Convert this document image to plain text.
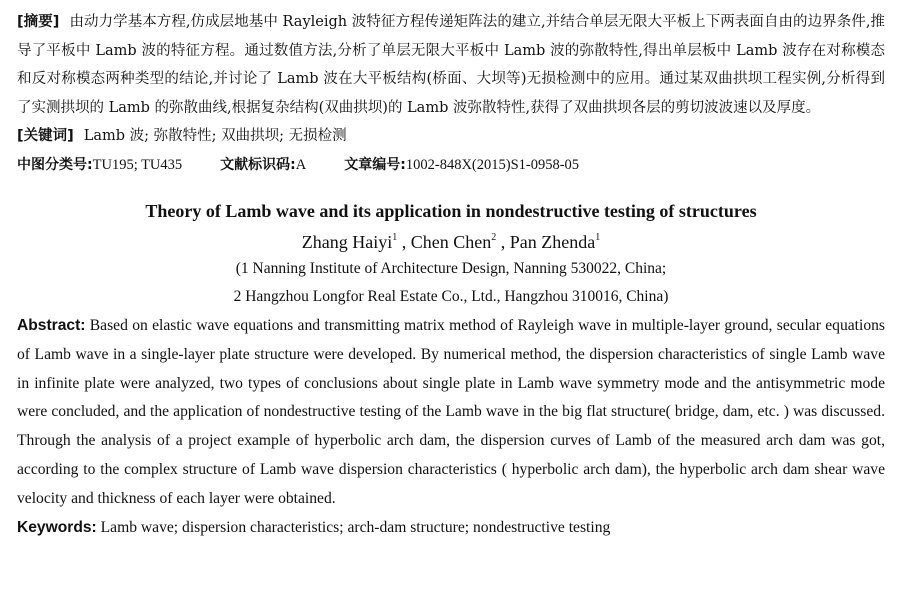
[摘要] 由动力学基本方程,仿成层地基中 Rayleigh 波特征方程传递矩阵法的建立,并结合单层无限大平板上下两表面自由的边界条件,推导了平板中 Lamb 波的特征方程。通过数值方法,分析了单层无限大平板中 Lamb 波的弥散特性,得出单层板中 Lamb 波存在对称模态和反对称模态两种类型的结论,并讨论了 Lamb 波在大平板结构(桥面、大坝等)无损检测中的应用。通过某双曲拱坝工程实例,分析得到了实测拱坝的 Lamb 的弥散曲线,根据复杂结构(双曲拱坝)的 Lamb 波弥散特性,获得了双曲拱坝各层的剪切波波速以及厚度。

[关键词] Lamb 波; 弥散特性; 双曲拱坝; 无损检测

中图分类号:TU195; TU435	文献标识码:A	文章编号:1002-848X(2015)S1-0958-05

Theory of Lamb wave and its application in nondestructive testing of structures
Zhang Haiyi$^1$ , Chen Chen$^2$ , Pan Zhenda$^1$

(1 Nanning Institute of Architecture Design, Nanning 530022, China;

2 Hangzhou Longfor Real Estate Co., Ltd., Hangzhou 310016, China)

Abstract: Based on elastic wave equations and transmitting matrix method of Rayleigh wave in multiple-layer ground, secular equations of Lamb wave in a single-layer plate structure were developed. By numerical method, the dispersion characteristics of single Lamb wave in infinite plate were analyzed, two types of conclusions about single plate in Lamb wave symmetry mode and the antisymmetric mode were concluded, and the application of nondestructive testing of the Lamb wave in the big flat structure( bridge, dam, etc. ) was discussed. Through the analysis of a project example of hyperbolic arch dam, the dispersion curves of Lamb of the measured arch dam was got, according to the complex structure of Lamb wave dispersion characteristics ( hyperbolic arch dam), the hyperbolic arch dam shear wave velocity and thickness of each layer were obtained.

Keywords: Lamb wave; dispersion characteristics; arch-dam structure; nondestructive testing
